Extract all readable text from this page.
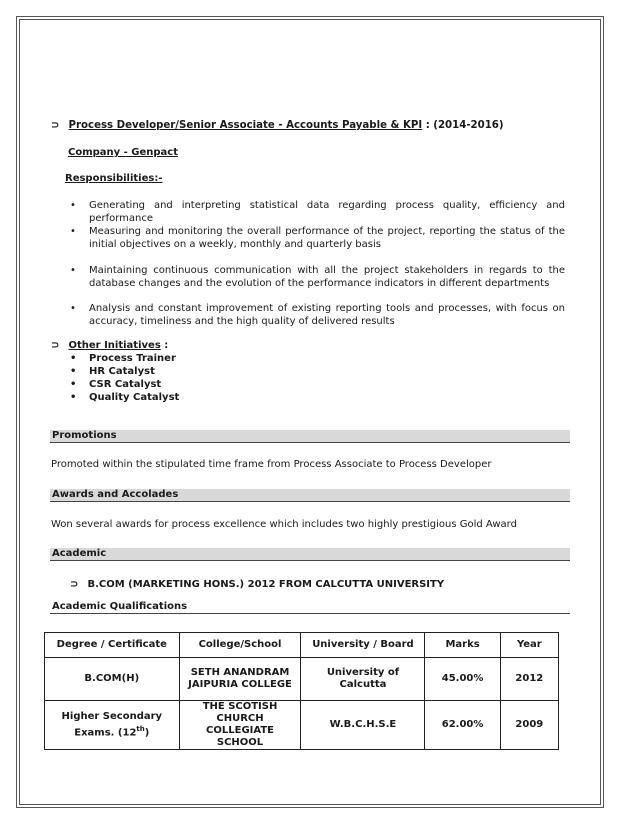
⊃ Process Developer/Senior Associate - Accounts Payable & KPI : (2014-2016)
Company - Genpact
Responsibilities:-
• Generating and interpreting statistical data regarding process quality, efficiency and performance
• Measuring and monitoring the overall performance of the project, reporting the status of the initial objectives on a weekly, monthly and quarterly basis
• Maintaining continuous communication with all the project stakeholders in regards to the database changes and the evolution of the performance indicators in different departments
• Analysis and constant improvement of existing reporting tools and processes, with focus on accuracy, timeliness and the high quality of delivered results
⊃ Other Initiatives :
• Process Trainer
• HR Catalyst
• CSR Catalyst
• Quality Catalyst
Promotions
Promoted within the stipulated time frame from Process Associate to Process Developer
Awards and Accolades
Won several awards for process excellence which includes two highly prestigious Gold Award
Academic
⊃ B.COM (MARKETING HONS.) 2012 FROM CALCUTTA UNIVERSITY
Academic Qualifications
Degree / Certificate	College/School	University / Board	Marks	Year
B.COM(H)	SETH ANANDRAM JAIPURIA COLLEGE	University of Calcutta	45.00%	2012
Higher Secondary Exams. (12th)	THE SCOTISH CHURCH COLLEGIATE SCHOOL	W.B.C.H.S.E	62.00%	2009
